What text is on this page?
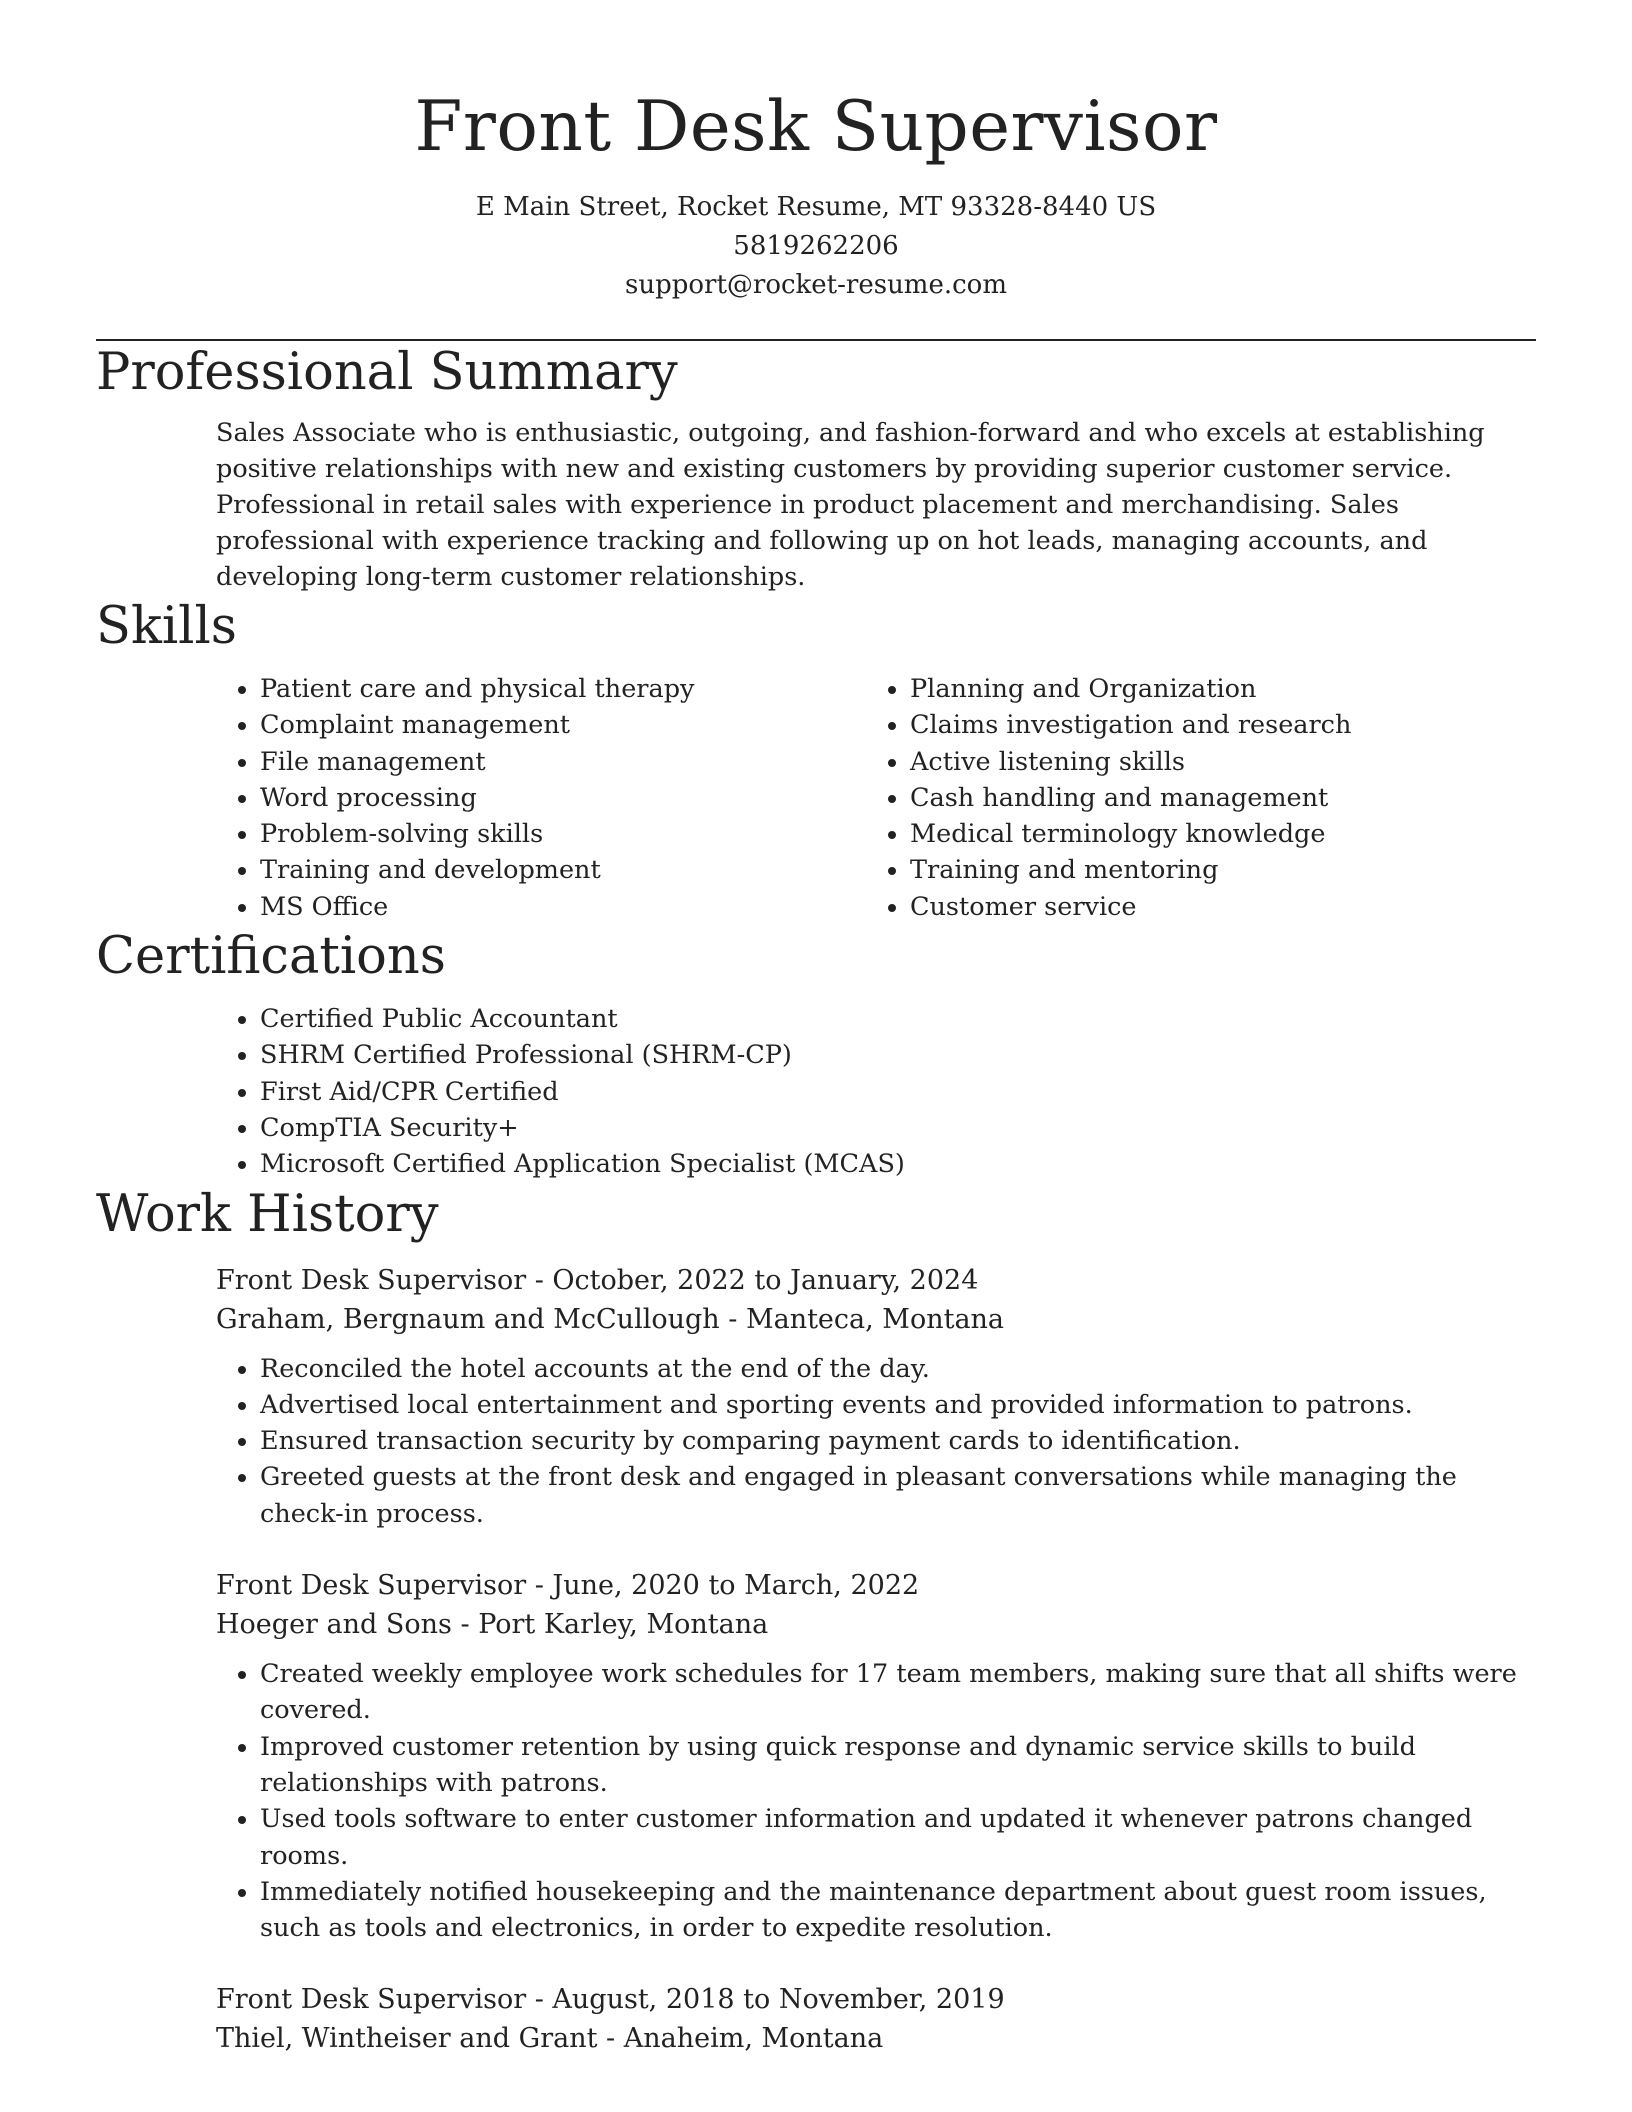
Front Desk Supervisor
E Main Street, Rocket Resume, MT 93328-8440 US
5819262206
support@rocket-resume.com
Professional Summary

Sales Associate who is enthusiastic, outgoing, and fashion-forward and who excels at establishing positive relationships with new and existing customers by providing superior customer service. Professional in retail sales with experience in product placement and merchandising. Sales professional with experience tracking and following up on hot leads, managing accounts, and developing long-term customer relationships.

Skills
• Patient care and physical therapy
• Complaint management
• File management
• Word processing
• Problem-solving skills
• Training and development
• MS Office
• Planning and Organization
• Claims investigation and research
• Active listening skills
• Cash handling and management
• Medical terminology knowledge
• Training and mentoring
• Customer service
Certifications
• Certified Public Accountant
• SHRM Certified Professional (SHRM-CP)
• First Aid/CPR Certified
• CompTIA Security+
• Microsoft Certified Application Specialist (MCAS)
Work History
Front Desk Supervisor - October, 2022 to January, 2024
Graham, Bergnaum and McCullough - Manteca, Montana
• Reconciled the hotel accounts at the end of the day.
• Advertised local entertainment and sporting events and provided information to patrons.
• Ensured transaction security by comparing payment cards to identification.
• Greeted guests at the front desk and engaged in pleasant conversations while managing the check-in process.
Front Desk Supervisor - June, 2020 to March, 2022
Hoeger and Sons - Port Karley, Montana
• Created weekly employee work schedules for 17 team members, making sure that all shifts were covered.
• Improved customer retention by using quick response and dynamic service skills to build relationships with patrons.
• Used tools software to enter customer information and updated it whenever patrons changed rooms.
• Immediately notified housekeeping and the maintenance department about guest room issues, such as tools and electronics, in order to expedite resolution.
Front Desk Supervisor - August, 2018 to November, 2019
Thiel, Wintheiser and Grant - Anaheim, Montana
